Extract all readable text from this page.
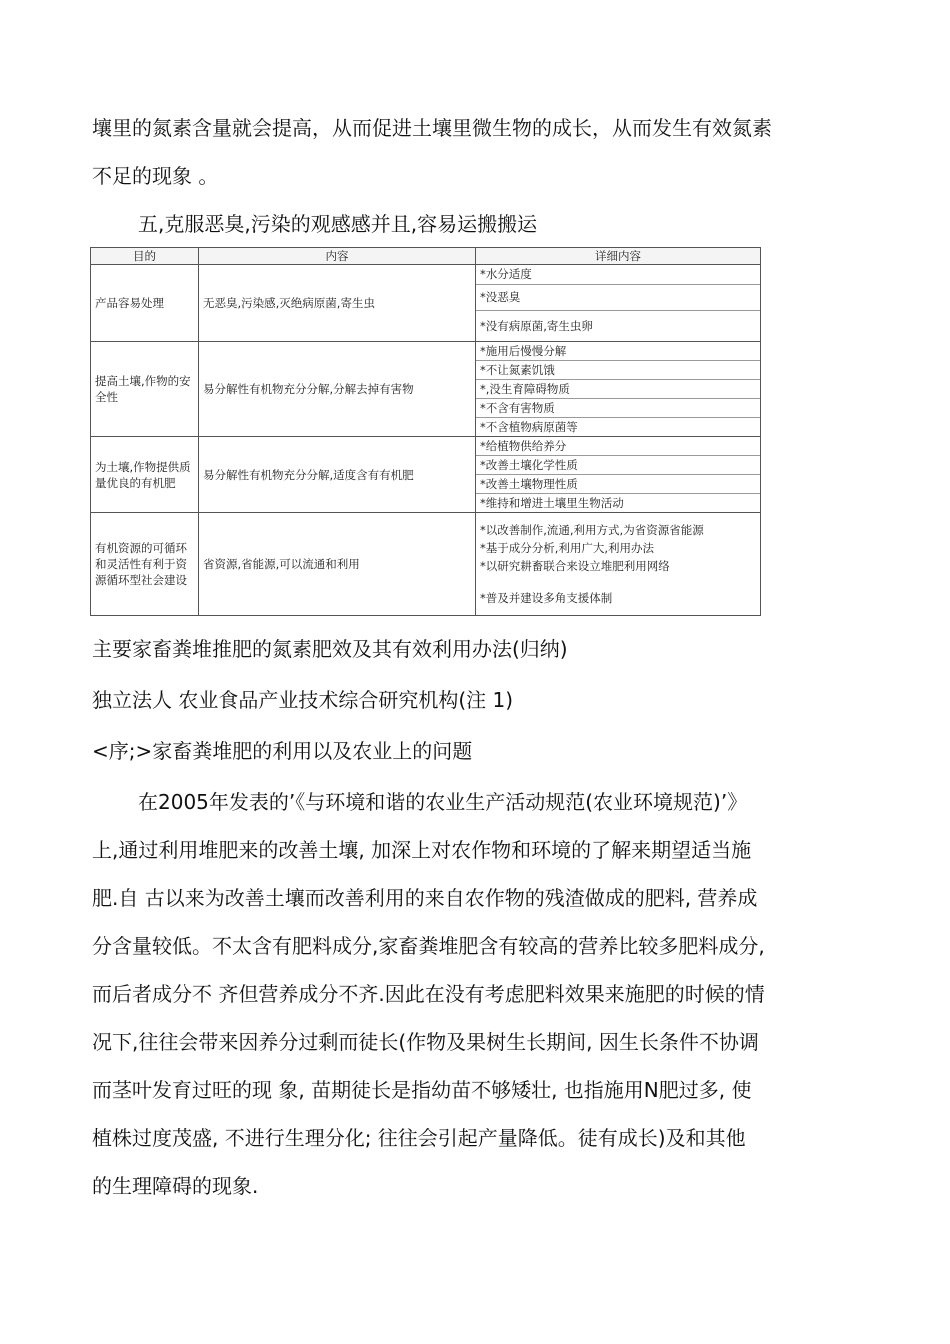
壤里的氮素含量就会提高，从而促进土壤里微生物的成长，从而发生有效氮素
不足的现象 。
五,克服恶臭,污染的观感感并且,容易运搬搬运
目的	内容	详细内容
产品容易处理	无恶臭,污染感,灭绝病原菌,寄生虫	*水分适度
*没恶臭
*没有病原菌,寄生虫卵

提高土壤,作物的安全性	易分解性有机物充分分解,分解去掉有害物	*施用后慢慢分解
*不让氮素饥饿
*,没生育障碍物质
*不含有害物质
*不含植物病原菌等

为土壤,作物提供质量优良的有机肥	易分解性有机物充分分解,适度含有有机肥	*给植物供给养分
*改善土壤化学性质
*改善土壤物理性质
*维持和增进土壤里生物活动

有机资源的可循环和灵活性有利于资源循环型社会建设	省资源,省能源,可以流通和利用	*以改善制作,流通,利用方式,为省资源省能源
*基于成分分析,利用广大,利用办法
*以研究耕畜联合来设立堆肥利用网络
*普及并建设多角支援体制
主要家畜粪堆推肥的氮素肥效及其有效利用办法(归纳)
独立法人 农业食品产业技术综合研究机构(注 1)
<序;>家畜粪堆肥的利用以及农业上的问题
在2005年发表的’《与环境和谐的农业生产活动规范(农业环境规范)’》
上,通过利用堆肥来的改善土壤, 加深上对农作物和环境的了解来期望适当施
肥.自 古以来为改善土壤而改善利用的来自农作物的残渣做成的肥料, 营养成
分含量较低。不太含有肥料成分,家畜粪堆肥含有较高的营养比较多肥料成分,
而后者成分不 齐但营养成分不齐.因此在没有考虑肥料效果来施肥的时候的情
况下,往往会带来因养分过剩而徒长(作物及果树生长期间, 因生长条件不协调
而茎叶发育过旺的现 象, 苗期徒长是指幼苗不够矮壮, 也指施用N肥过多, 使
植株过度茂盛, 不进行生理分化; 往往会引起产量降低。徒有成长)及和其他
的生理障碍的现象.
